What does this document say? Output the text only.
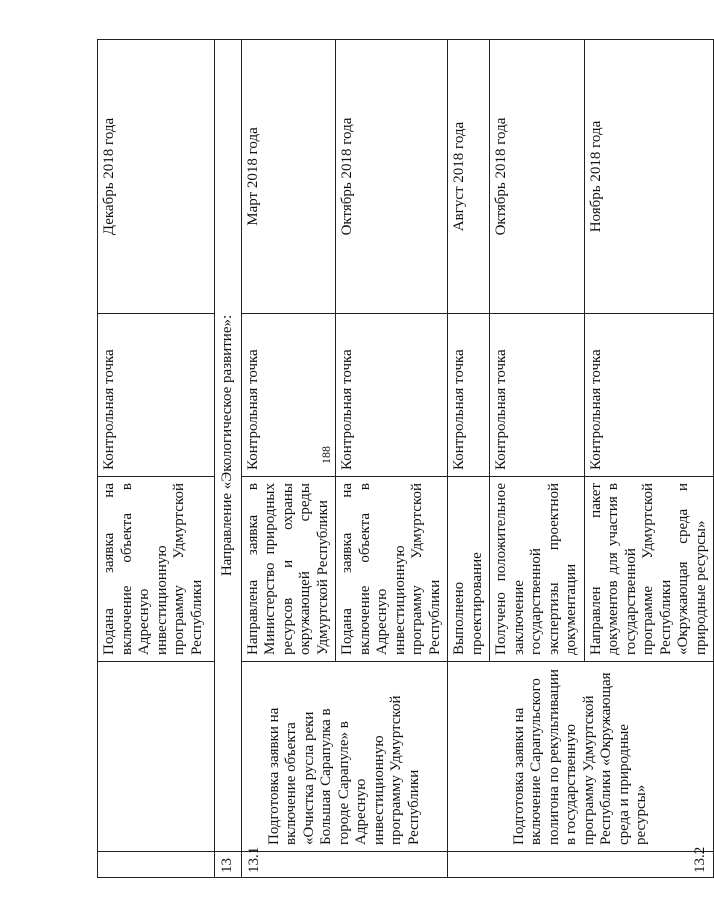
188
		Подана заявка на включение объекта в Адресную инвестиционную программу Удмуртской Республики	Контрольная точка	Декабрь 2018 года
13	Направление «Экологическое развитие»:			
13.1	Подготовка заявки на включение объекта «Очистка русла реки Большая Сарапулка в городе Сарапуле» в Адресную инвестиционную программу Удмуртской Республики	Направлена заявка в Министерство природных ресурсов и охраны окружающей среды Удмуртской Республики	Контрольная точка	Март 2018 года
		Подана заявка на включение объекта в Адресную инвестиционную программу Удмуртской Республики	Контрольная точка	Октябрь 2018 года
13.2	Подготовка заявки на включение Сарапульского полигона по рекультивации в государственную программу Удмуртской Республики «Окружающая среда и природные ресурсы»	Выполнено проектирование	Контрольная точка	Август 2018 года
		Получено положительное заключение государственной экспертизы проектной документации	Контрольная точка	Октябрь 2018 года
		Направлен пакет документов для участия в государственной программе Удмуртской Республики «Окружающая среда и природные ресурсы»	Контрольная точка	Ноябрь 2018 года
